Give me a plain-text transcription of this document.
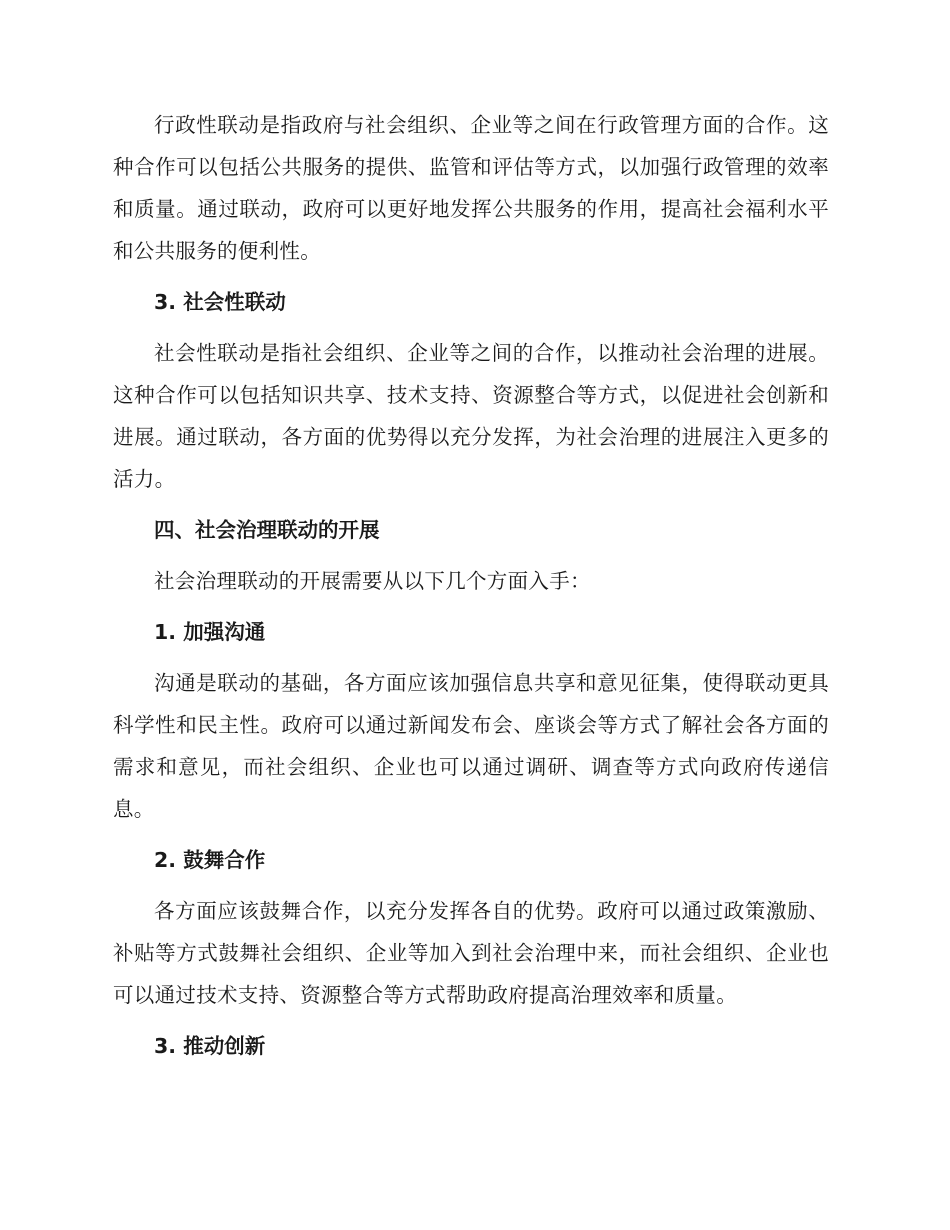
行政性联动是指政府与社会组织、企业等之间在行政管理方面的合作。这种合作可以包括公共服务的提供、监管和评估等方式，以加强行政管理的效率和质量。通过联动，政府可以更好地发挥公共服务的作用，提高社会福利水平和公共服务的便利性。

3. 社会性联动

社会性联动是指社会组织、企业等之间的合作，以推动社会治理的进展。这种合作可以包括知识共享、技术支持、资源整合等方式，以促进社会创新和进展。通过联动，各方面的优势得以充分发挥，为社会治理的进展注入更多的活力。

四、社会治理联动的开展

社会治理联动的开展需要从以下几个方面入手：

1. 加强沟通

沟通是联动的基础，各方面应该加强信息共享和意见征集，使得联动更具科学性和民主性。政府可以通过新闻发布会、座谈会等方式了解社会各方面的需求和意见，而社会组织、企业也可以通过调研、调查等方式向政府传递信息。

2. 鼓舞合作

各方面应该鼓舞合作，以充分发挥各自的优势。政府可以通过政策激励、补贴等方式鼓舞社会组织、企业等加入到社会治理中来，而社会组织、企业也可以通过技术支持、资源整合等方式帮助政府提高治理效率和质量。

3. 推动创新
